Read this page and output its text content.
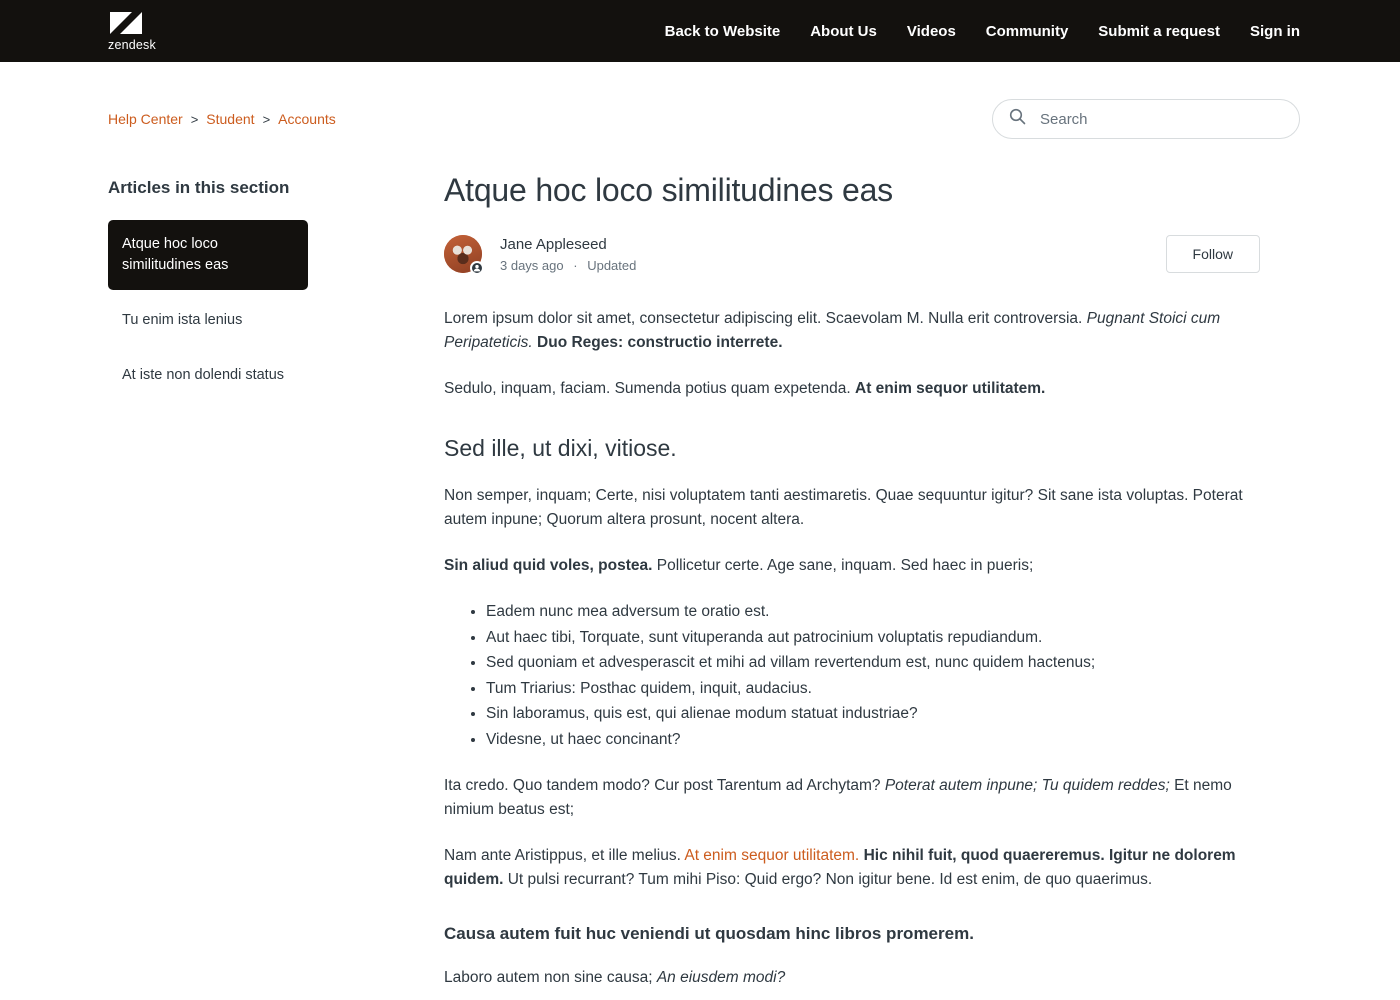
zendesk
Back to Website About Us Videos Community Submit a request Sign in
Help Center > Student > Accounts
Search
Articles in this section
Atque hoc loco similitudines eas
Tu enim ista lenius
At iste non dolendi status
Atque hoc loco similitudines eas
Jane Appleseed
3 days ago · Updated
Follow

Lorem ipsum dolor sit amet, consectetur adipiscing elit. Scaevolam M. Nulla erit controversia. Pugnant Stoici cum Peripateticis. Duo Reges: constructio interrete.

Sedulo, inquam, faciam. Sumenda potius quam expetenda. At enim sequor utilitatem.

Sed ille, ut dixi, vitiose.

Non semper, inquam; Certe, nisi voluptatem tanti aestimaretis. Quae sequuntur igitur? Sit sane ista voluptas. Poterat autem inpune; Quorum altera prosunt, nocent altera.

Sin aliud quid voles, postea. Pollicetur certe. Age sane, inquam. Sed haec in pueris;

• Eadem nunc mea adversum te oratio est.
• Aut haec tibi, Torquate, sunt vituperanda aut patrocinium voluptatis repudiandum.
• Sed quoniam et advesperascit et mihi ad villam revertendum est, nunc quidem hactenus;
• Tum Triarius: Posthac quidem, inquit, audacius.
• Sin laboramus, quis est, qui alienae modum statuat industriae?
• Videsne, ut haec concinant?

Ita credo. Quo tandem modo? Cur post Tarentum ad Archytam? Poterat autem inpune; Tu quidem reddes; Et nemo nimium beatus est;

Nam ante Aristippus, et ille melius. At enim sequor utilitatem. Hic nihil fuit, quod quaereremus. Igitur ne dolorem quidem. Ut pulsi recurrant? Tum mihi Piso: Quid ergo? Non igitur bene. Id est enim, de quo quaerimus.

Causa autem fuit huc veniendi ut quosdam hinc libros promerem.

Laboro autem non sine causa; An eiusdem modi?
